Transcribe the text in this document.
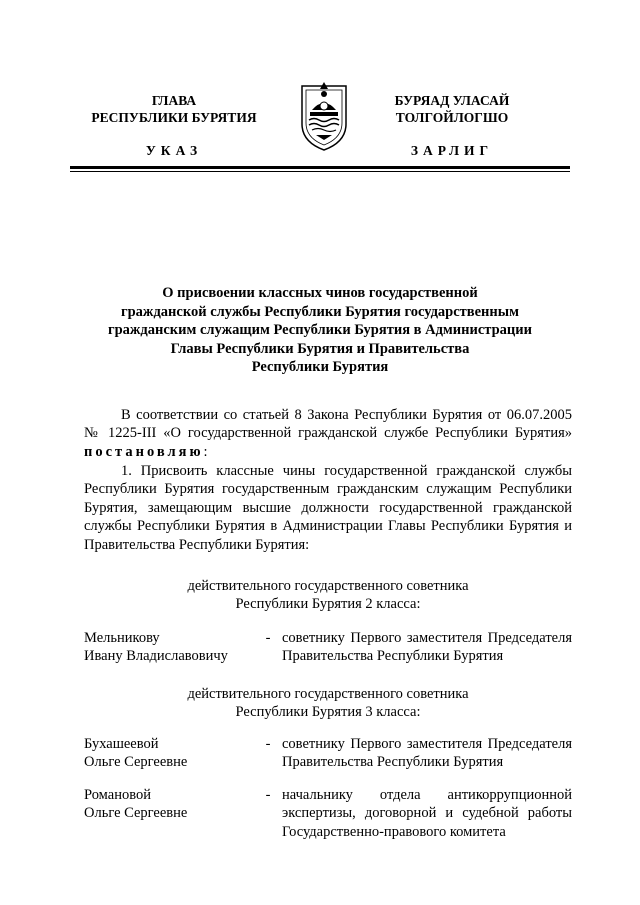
ГЛАВА
РЕСПУБЛИКИ БУРЯТИЯ
БУРЯАД УЛАСАЙ
ТОЛГОЙЛОГШО
УКАЗ	ЗАРЛИГ
О присвоении классных чинов государственной
гражданской службы Республики Бурятия государственным
гражданским служащим Республики Бурятия в Администрации
Главы Республики Бурятия и Правительства
Республики Бурятия
В соответствии со статьей 8 Закона Республики Бурятия от 06.07.2005 № 1225-III «О государственной гражданской службе Республики Бурятия» постановляю:
1. Присвоить классные чины государственной гражданской службы Республики Бурятия государственным гражданским служащим Республики Бурятия, замещающим высшие должности государственной гражданской службы Республики Бурятия в Администрации Главы Республики Бурятия и Правительства Республики Бурятия:
действительного государственного советника
Республики Бурятия 2 класса:
Мельникову
Ивану Владиславовичу
- советнику Первого заместителя Председателя Правительства Республики Бурятия
действительного государственного советника
Республики Бурятия 3 класса:
Бухашеевой
Ольге Сергеевне
- советнику Первого заместителя Председателя Правительства Республики Бурятия
Романовой
Ольге Сергеевне
- начальнику отдела антикоррупционной экспертизы, договорной и судебной работы Государственно-правового комитета
